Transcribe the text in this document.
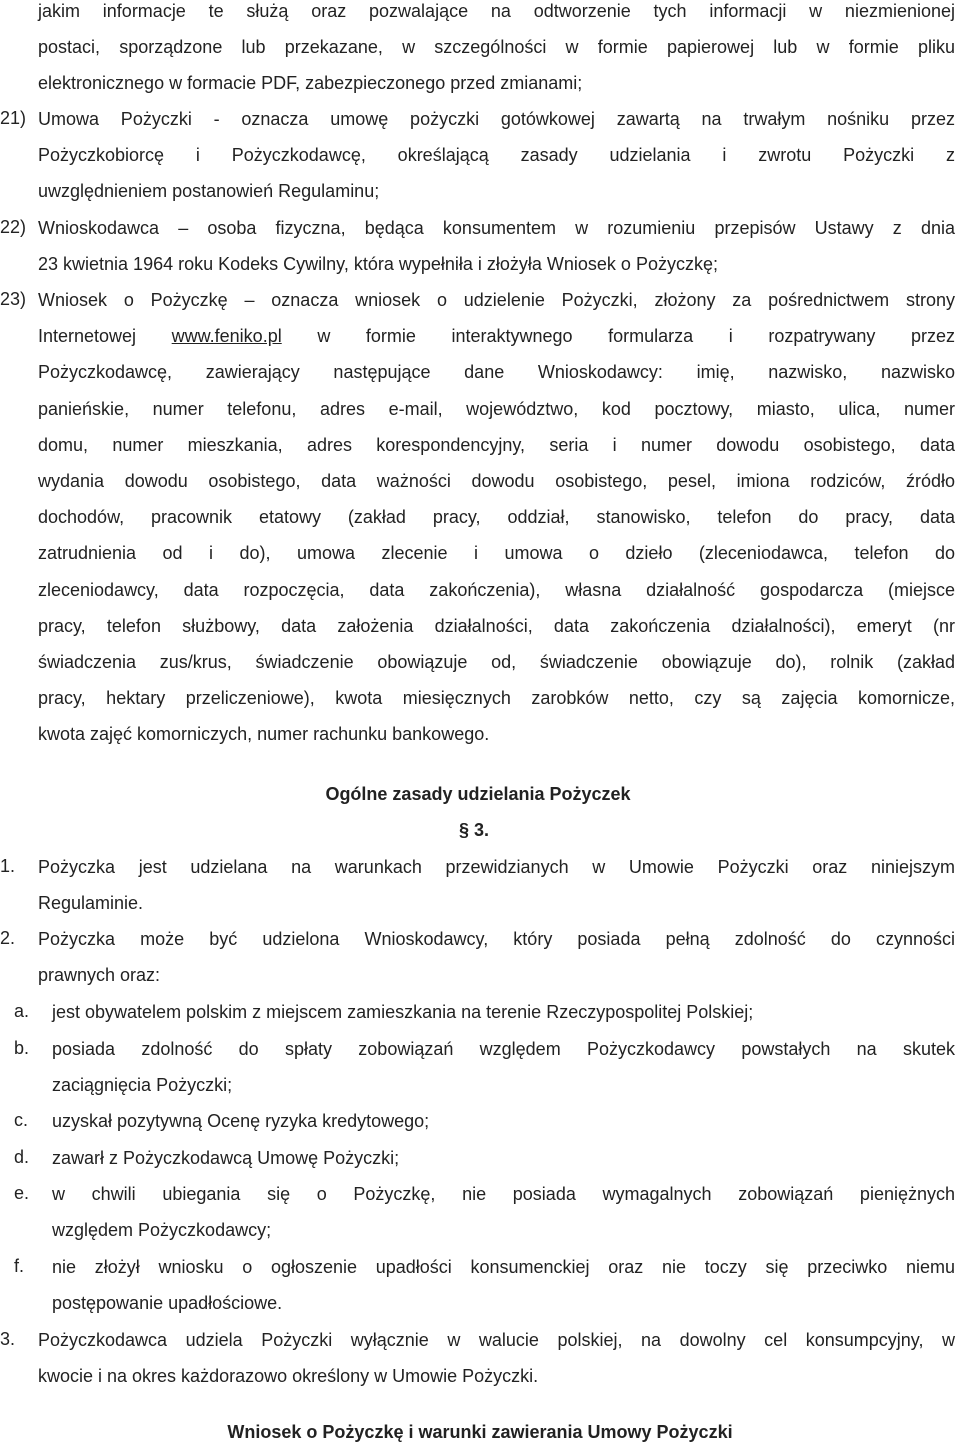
jakim informacje te służą oraz pozwalające na odtworzenie tych informacji w niezmienionej
postaci, sporządzone lub przekazane, w szczególności w formie papierowej lub w formie pliku
elektronicznego w formacie PDF, zabezpieczonego przed zmianami;
21) Umowa Pożyczki - oznacza umowę pożyczki gotówkowej zawartą na trwałym nośniku przez
Pożyczkobiorcę i Pożyczkodawcę, określającą zasady udzielania i zwrotu Pożyczki z
uwzględnieniem postanowień Regulaminu;
22) Wnioskodawca – osoba fizyczna, będąca konsumentem w rozumieniu przepisów Ustawy z dnia
23 kwietnia 1964 roku Kodeks Cywilny, która wypełniła i złożyła Wniosek o Pożyczkę;
23) Wniosek o Pożyczkę – oznacza wniosek o udzielenie Pożyczki, złożony za pośrednictwem strony
Internetowej www.feniko.pl w formie interaktywnego formularza i rozpatrywany przez
Pożyczkodawcę, zawierający następujące dane Wnioskodawcy: imię, nazwisko, nazwisko
panieńskie, numer telefonu, adres e-mail, województwo, kod pocztowy, miasto, ulica, numer
domu, numer mieszkania, adres korespondencyjny, seria i numer dowodu osobistego, data
wydania dowodu osobistego, data ważności dowodu osobistego, pesel, imiona rodziców, źródło
dochodów, pracownik etatowy (zakład pracy, oddział, stanowisko, telefon do pracy, data
zatrudnienia od i do), umowa zlecenie i umowa o dzieło (zleceniodawca, telefon do
zleceniodawcy, data rozpoczęcia, data zakończenia), własna działalność gospodarcza (miejsce
pracy, telefon służbowy, data założenia działalności, data zakończenia działalności), emeryt (nr
świadczenia zus/krus, świadczenie obowiązuje od, świadczenie obowiązuje do), rolnik (zakład
pracy, hektary przeliczeniowe), kwota miesięcznych zarobków netto, czy są zajęcia komornicze,
kwota zajęć komorniczych, numer rachunku bankowego.
Ogólne zasady udzielania Pożyczek
§ 3.
1.	Pożyczka jest udzielana na warunkach przewidzianych w Umowie Pożyczki oraz niniejszym
Regulaminie.
2.	Pożyczka może być udzielona Wnioskodawcy, który posiada pełną zdolność do czynności
prawnych oraz:
a.	jest obywatelem polskim z miejscem zamieszkania na terenie Rzeczypospolitej Polskiej;
b.	posiada zdolność do spłaty zobowiązań względem Pożyczkodawcy powstałych na skutek
zaciągnięcia Pożyczki;
c.	uzyskał pozytywną Ocenę ryzyka kredytowego;
d.	zawarł z Pożyczkodawcą Umowę Pożyczki;
e.	w chwili ubiegania się o Pożyczkę, nie posiada wymagalnych zobowiązań pieniężnych
względem Pożyczkodawcy;
f.	nie złożył wniosku o ogłoszenie upadłości konsumenckiej oraz nie toczy się przeciwko niemu
postępowanie upadłościowe.
3.	Pożyczkodawca udziela Pożyczki wyłącznie w walucie polskiej, na dowolny cel konsumpcyjny, w
kwocie i na okres każdorazowo określony w Umowie Pożyczki.
Wniosek o Pożyczkę i warunki zawierania Umowy Pożyczki
